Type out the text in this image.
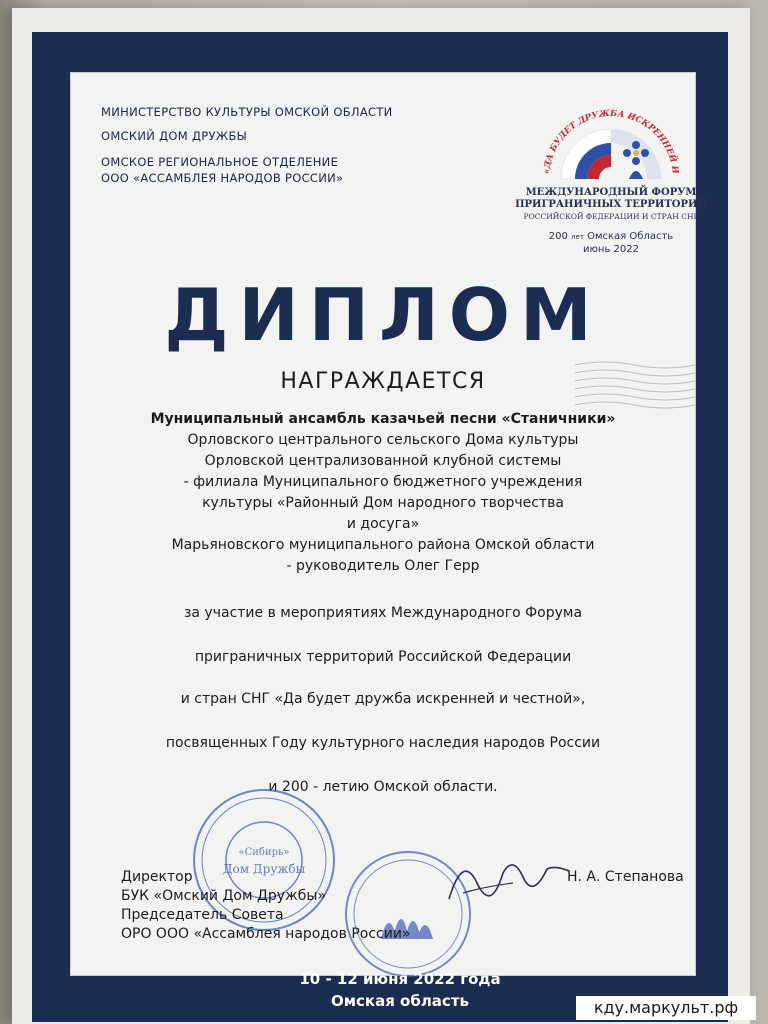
МИНИСТЕРСТВО КУЛЬТУРЫ ОМСКОЙ ОБЛАСТИ
ОМСКИЙ ДОМ ДРУЖБЫ
ОМСКОЕ РЕГИОНАЛЬНОЕ ОТДЕЛЕНИЕ
ООО «АССАМБЛЕЯ НАРОДОВ РОССИИ»	«ДА БУДЕТ ДРУЖБА ИСКРЕННЕЙ И
МЕЖДУНАРОДНЫЙ ФОРУМ
ПРИГРАНИЧНЫХ ТЕРРИТОРИЙ
РОССИЙСКОЙ ФЕДЕРАЦИИ И СТРАН СНГ
200 лет Омская Область
июнь 2022
ДИПЛОМ
НАГРАЖДАЕТСЯ
Муниципальный ансамбль казачьей песни «Станичники»
Орловского центрального сельского Дома культуры
Орловской централизованной клубной системы
- филиала Муниципального бюджетного учреждения
культуры «Районный Дом народного творчества
и досуга»
Марьяновского муниципального района Омской области
- руководитель Олег Герр
за участие в мероприятиях Международного Форума
приграничных территорий Российской Федерации
и стран СНГ «Да будет дружба искренней и честной»,
посвященных Году культурного наследия народов России
и 200 - летию Омской области.
«Сибирь»
Дом Дружбы
Директор
БУК «Омский Дом Дружбы»
Председатель Совета
ОРО ООО «Ассамблея народов России»
Н. А. Степанова
10 - 12 июня 2022 года
Омская область	кду.маркульт.рф
